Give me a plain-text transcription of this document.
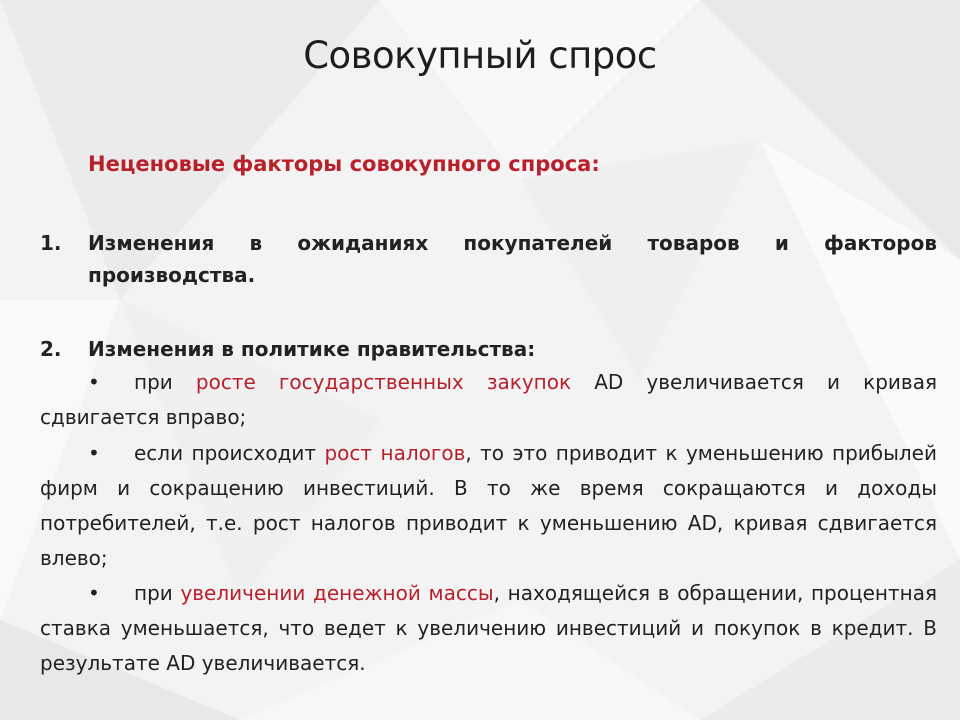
Совокупный спрос
Неценовые факторы совокупного спроса:
1.	Изменения в ожиданиях покупателей товаров и факторов производства.
2.	Изменения в политике правительства:
• при росте государственных закупок AD увеличивается и кривая сдвигается вправо;
• если происходит рост налогов, то это приводит к уменьшению прибылей фирм и сокращению инвестиций. В то же время сокращаются и доходы потребителей, т.е. рост налогов приводит к уменьшению AD, кривая сдвигается влево;
• при увеличении денежной массы, находящейся в обращении, процентная ставка уменьшается, что ведет к увеличению инвестиций и покупок в кредит. В результате AD увеличивается.
